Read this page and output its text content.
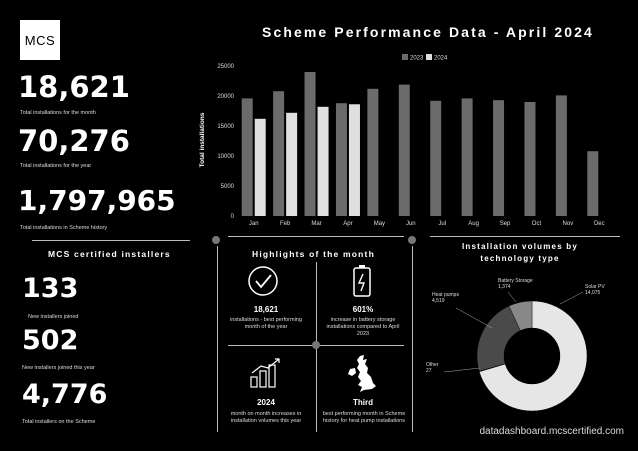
MCS	Scheme Performance Data - April 2024
18,621
Total installations for the month
70,276
Total installations for the year
1,797,965
Total installations in Scheme history
MCS certified installers
133
New installers joined
502
New installers joined this year
4,776
Total installers on the Scheme
Total installations
0
5000
10000
15000
20000
25000
Jan	Feb	Mar	Apr	May	Jun	Jul	Aug	Sep	Oct	Nov	Dec
2023 2024
Highlights of the month
18,621
installations - best performing month of the year
601%
increase in battery storage installations compared to April 2023
2024
month on month increases in installation volumes this year
Third
best performing month in Scheme history for heat pump installations
Installation volumes by
technology type
Solar PV
14,075
Heat pumps
4,519
Battery Storage
1,374
Other
27
datadashboard.mcscertified.com
